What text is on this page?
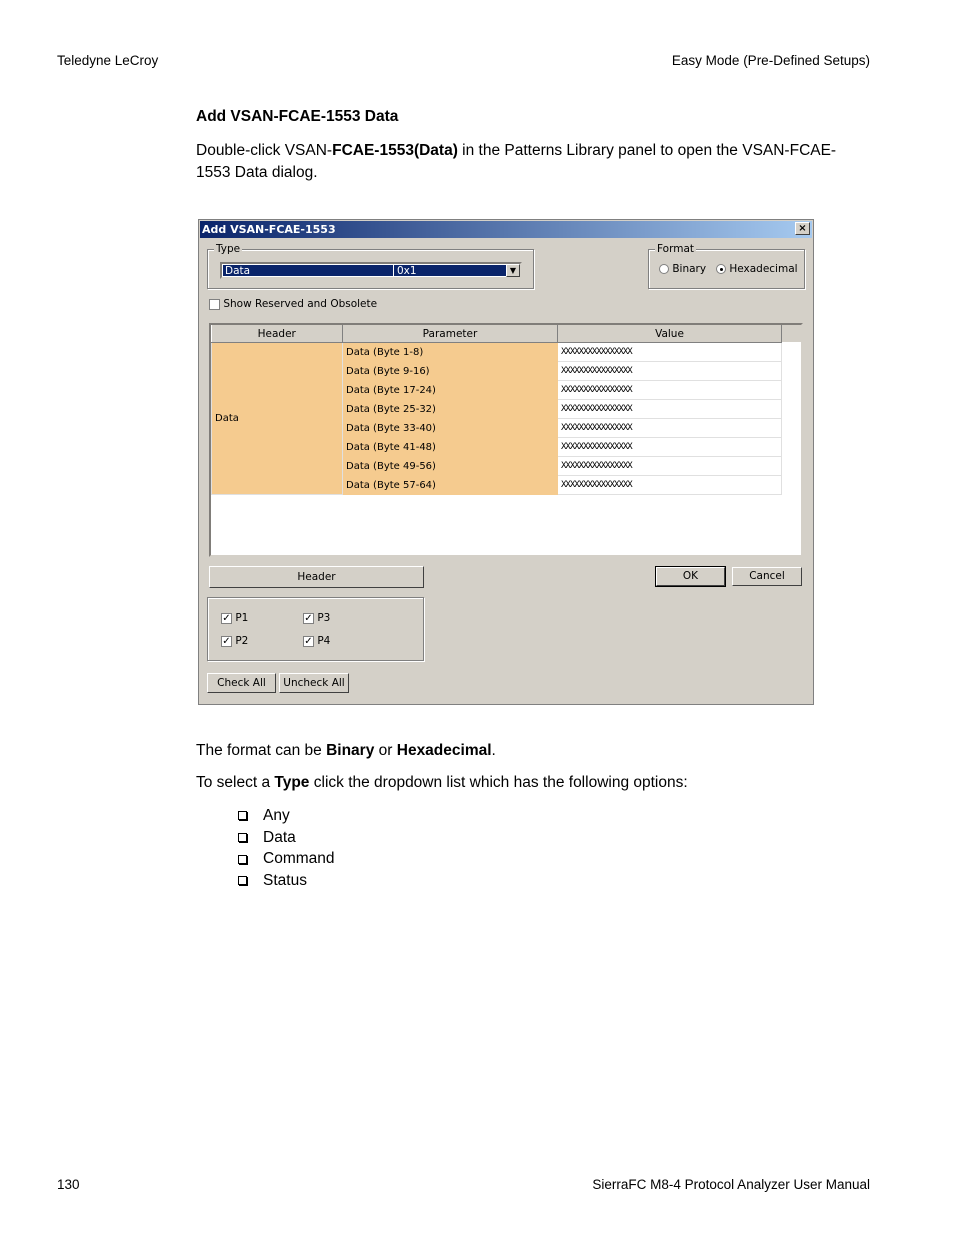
Teledyne LeCroy	Easy Mode (Pre-Defined Setups)
Add VSAN-FCAE-1553 Data
Double-click VSAN-FCAE-1553(Data) in the Patterns Library panel to open the VSAN-FCAE-1553 Data dialog.
Add VSAN-FCAE-1553	×
Type
Data	0x1	▼
Format
Binary	Hexadecimal
Show Reserved and Obsolete
Header	Parameter	Value
Data	Data (Byte 1-8)	XXXXXXXXXXXXXXXX
	Data (Byte 9-16)	XXXXXXXXXXXXXXXX
	Data (Byte 17-24)	XXXXXXXXXXXXXXXX
	Data (Byte 25-32)	XXXXXXXXXXXXXXXX
	Data (Byte 33-40)	XXXXXXXXXXXXXXXX
	Data (Byte 41-48)	XXXXXXXXXXXXXXXX
	Data (Byte 49-56)	XXXXXXXXXXXXXXXX
	Data (Byte 57-64)	XXXXXXXXXXXXXXXX
Header	OK	Cancel
✓ P1	✓ P3
✓ P2	✓ P4
Check All	Uncheck All
The format can be Binary or Hexadecimal.
To select a Type click the dropdown list which has the following options:
Any
Data
Command
Status
130	SierraFC M8-4 Protocol Analyzer User Manual
